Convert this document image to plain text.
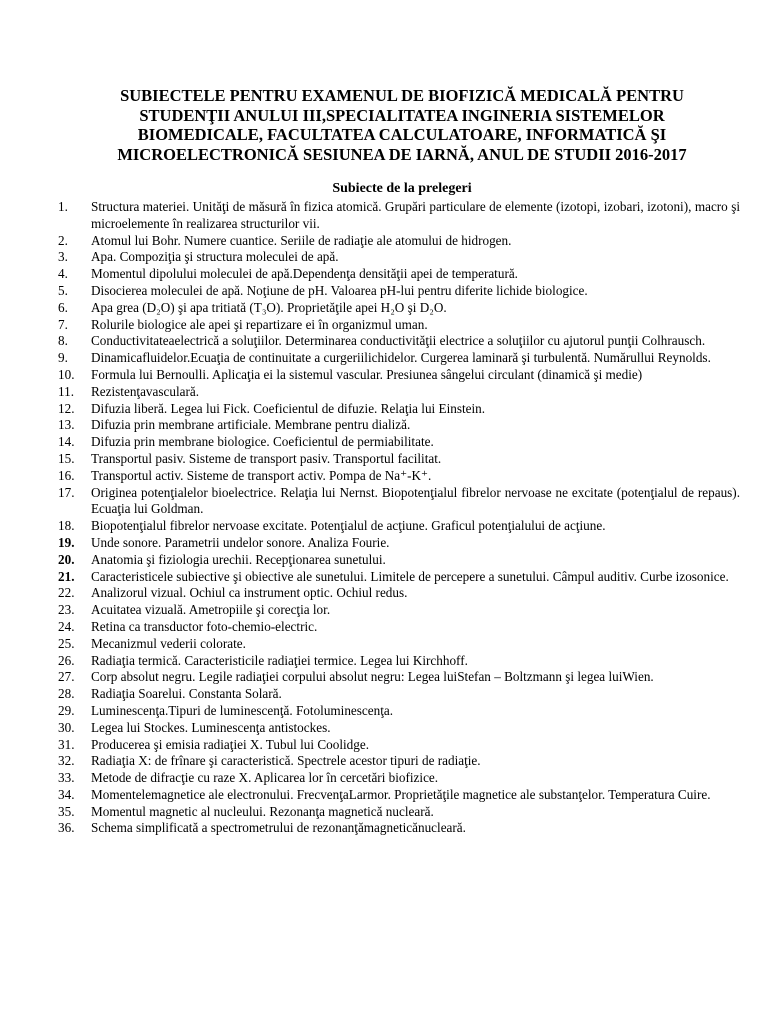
SUBIECTELE PENTRU EXAMENUL DE BIOFIZICĂ MEDICALĂ PENTRU STUDENŢII ANULUI III,SPECIALITATEA INGINERIA SISTEMELOR BIOMEDICALE, FACULTATEA CALCULATOARE, INFORMATICĂ ŞI MICROELECTRONICĂ SESIUNEA DE IARNĂ, ANUL DE STUDII 2016-2017
Subiecte de la prelegeri
1.	Structura materiei. Unităţi de măsură în fizica atomică. Grupări particulare de elemente (izotopi, izobari, izotoni), macro şi microelemente în realizarea structurilor vii.
2.	Atomul lui Bohr. Numere cuantice. Seriile de radiaţie ale atomului de hidrogen.
3.	Apa. Compoziţia şi structura moleculei de apă.
4.	Momentul dipolului moleculei de apă.Dependenţa densităţii apei de temperatură.
5.	Disocierea moleculei de apă. Noţiune de pH. Valoarea pH-lui pentru diferite lichide biologice.
6.	Apa grea (D₂O) şi apa tritiată (T₃O). Proprietăţile apei H₂O şi D₂O.
7.	Rolurile biologice ale apei şi repartizare ei în organizmul uman.
8.	Conductivitateaelectrică a soluţiilor. Determinarea conductivităţii electrice a soluţiilor cu ajutorul punţii Colhrausch.
9.	Dinamicafluidelor.Ecuaţia de continuitate a curgeriilichidelor. Curgerea laminară şi turbulentă. Numărullui Reynolds.
10.	Formula lui Bernoulli. Aplicaţia ei la sistemul vascular. Presiunea sângelui circulant (dinamică şi medie)
11.	Rezistenţavasculară.
12.	Difuzia liberă. Legea lui Fick. Coeficientul de difuzie. Relaţia lui Einstein.
13.	Difuzia prin membrane artificiale. Membrane pentru dializă.
14.	Difuzia prin membrane biologice. Coeficientul de permiabilitate.
15.	Transportul pasiv. Sisteme de transport pasiv. Transportul facilitat.
16.	Transportul activ. Sisteme de transport activ. Pompa de Na⁺-K⁺.
17.	Originea potenţialelor bioelectrice. Relaţia lui Nernst. Biopotenţialul fibrelor nervoase ne excitate (potenţialul de repaus). Ecuaţia lui Goldman.
18.	Biopotenţialul fibrelor nervoase excitate. Potenţialul de acţiune. Graficul potenţialului de acţiune.
19.	Unde sonore. Parametrii undelor sonore. Analiza Fourie.
20.	Anatomia şi fiziologia urechii. Recepţionarea sunetului.
21.	Caracteristicele subiective şi obiective ale sunetului. Limitele de percepere a sunetului. Câmpul auditiv. Curbe izosonice.
22.	Analizorul vizual. Ochiul ca instrument optic. Ochiul redus.
23.	Acuitatea vizuală. Ametropiile şi corecţia lor.
24.	Retina ca transductor foto-chemio-electric.
25.	Mecanizmul vederii colorate.
26.	Radiaţia termică. Caracteristicile radiaţiei termice. Legea lui Kirchhoff.
27.	Corp absolut negru. Legile radiaţiei corpului absolut negru: Legea luiStefan – Boltzmann şi legea luiWien.
28.	Radiaţia Soarelui. Constanta Solară.
29.	Luminescenţa.Tipuri de luminescenţă. Fotoluminescenţa.
30.	Legea lui Stockes. Luminescenţa antistockes.
31.	Producerea şi emisia radiaţiei X. Tubul lui Coolidge.
32.	Radiaţia X: de frînare şi caracteristică. Spectrele acestor tipuri de radiaţie.
33.	Metode de difracţie cu raze X. Aplicarea lor în cercetări biofizice.
34.	Momentelemagnetice ale electronului. FrecvenţaLarmor. Proprietăţile magnetice ale substanţelor. Temperatura Cuire.
35.	Momentul magnetic al nucleului. Rezonanţa magnetică nucleară.
36.	Schema simplificată a spectrometrului de rezonanţămagneticănucleară.
